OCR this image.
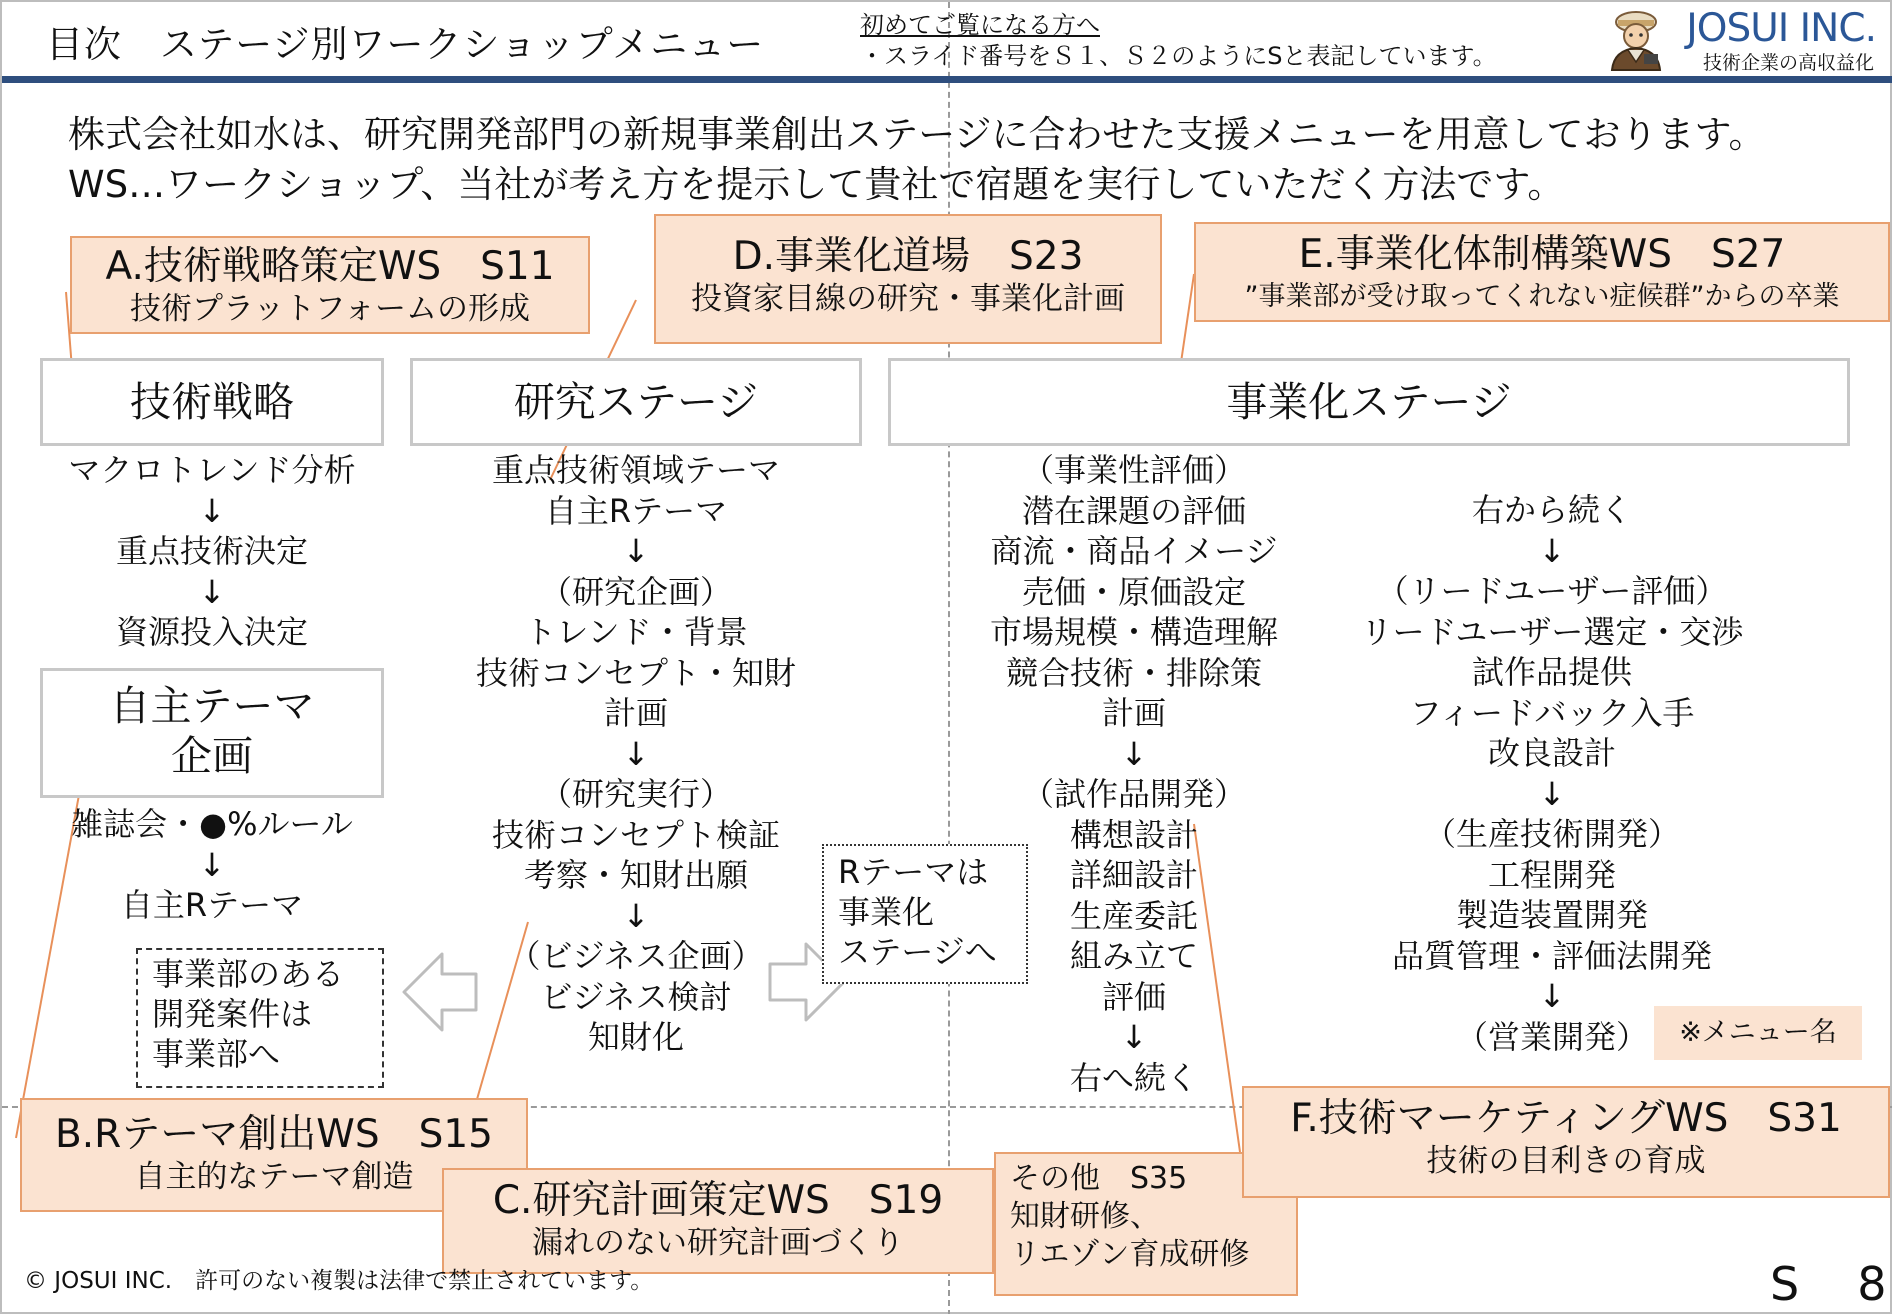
目次　ステージ別ワークショップメニュー	初めてご覧になる方へ
・スライド番号をＳ１、Ｓ２のようにSと表記しています。
JOSUI INC.
技術企業の高収益化
株式会社如水は、研究開発部門の新規事業創出ステージに合わせた支援メニューを用意しております。
WS…ワークショップ、当社が考え方を提示して貴社で宿題を実行していただく方法です。
技術戦略	研究ステージ	事業化ステージ
自主テーマ
企画
マクロトレンド分析
↓
重点技術決定
↓
資源投入決定
雑誌会・●%ルール
↓
自主Rテーマ
重点技術領域テーマ
自主Rテーマ
↓
（研究企画）
トレンド・背景
技術コンセプト・知財
計画
↓
（研究実行）
技術コンセプト検証
考察・知財出願
↓
（ビジネス企画）
ビジネス検討
知財化
（事業性評価）
潜在課題の評価
商流・商品イメージ
売価・原価設定
市場規模・構造理解
競合技術・排除策
計画
↓
（試作品開発）
構想設計
詳細設計
生産委託
組み立て
評価
↓
右へ続く
右から続く
↓
（リードユーザー評価）
リードユーザー選定・交渉
試作品提供
フィードバック入手
改良設計
↓
（生産技術開発）
工程開発
製造装置開発
品質管理・評価法開発
↓
（営業開発）
事業部のある
開発案件は
事業部へ
Rテーマは
事業化
ステージへ
A.技術戦略策定WS　S11
技術プラットフォームの形成
D.事業化道場　S23
投資家目線の研究・事業化計画
E.事業化体制構築WS　S27
”事業部が受け取ってくれない症候群”からの卒業
B.Rテーマ創出WS　S15
自主的なテーマ創造
C.研究計画策定WS　S19
漏れのない研究計画づくり
その他　S35
知財研修、
リエゾン育成研修
F.技術マーケティングWS　S31
技術の目利きの育成
※メニュー名
© JOSUI INC.　許可のない複製は法律で禁止されています。	S　8
